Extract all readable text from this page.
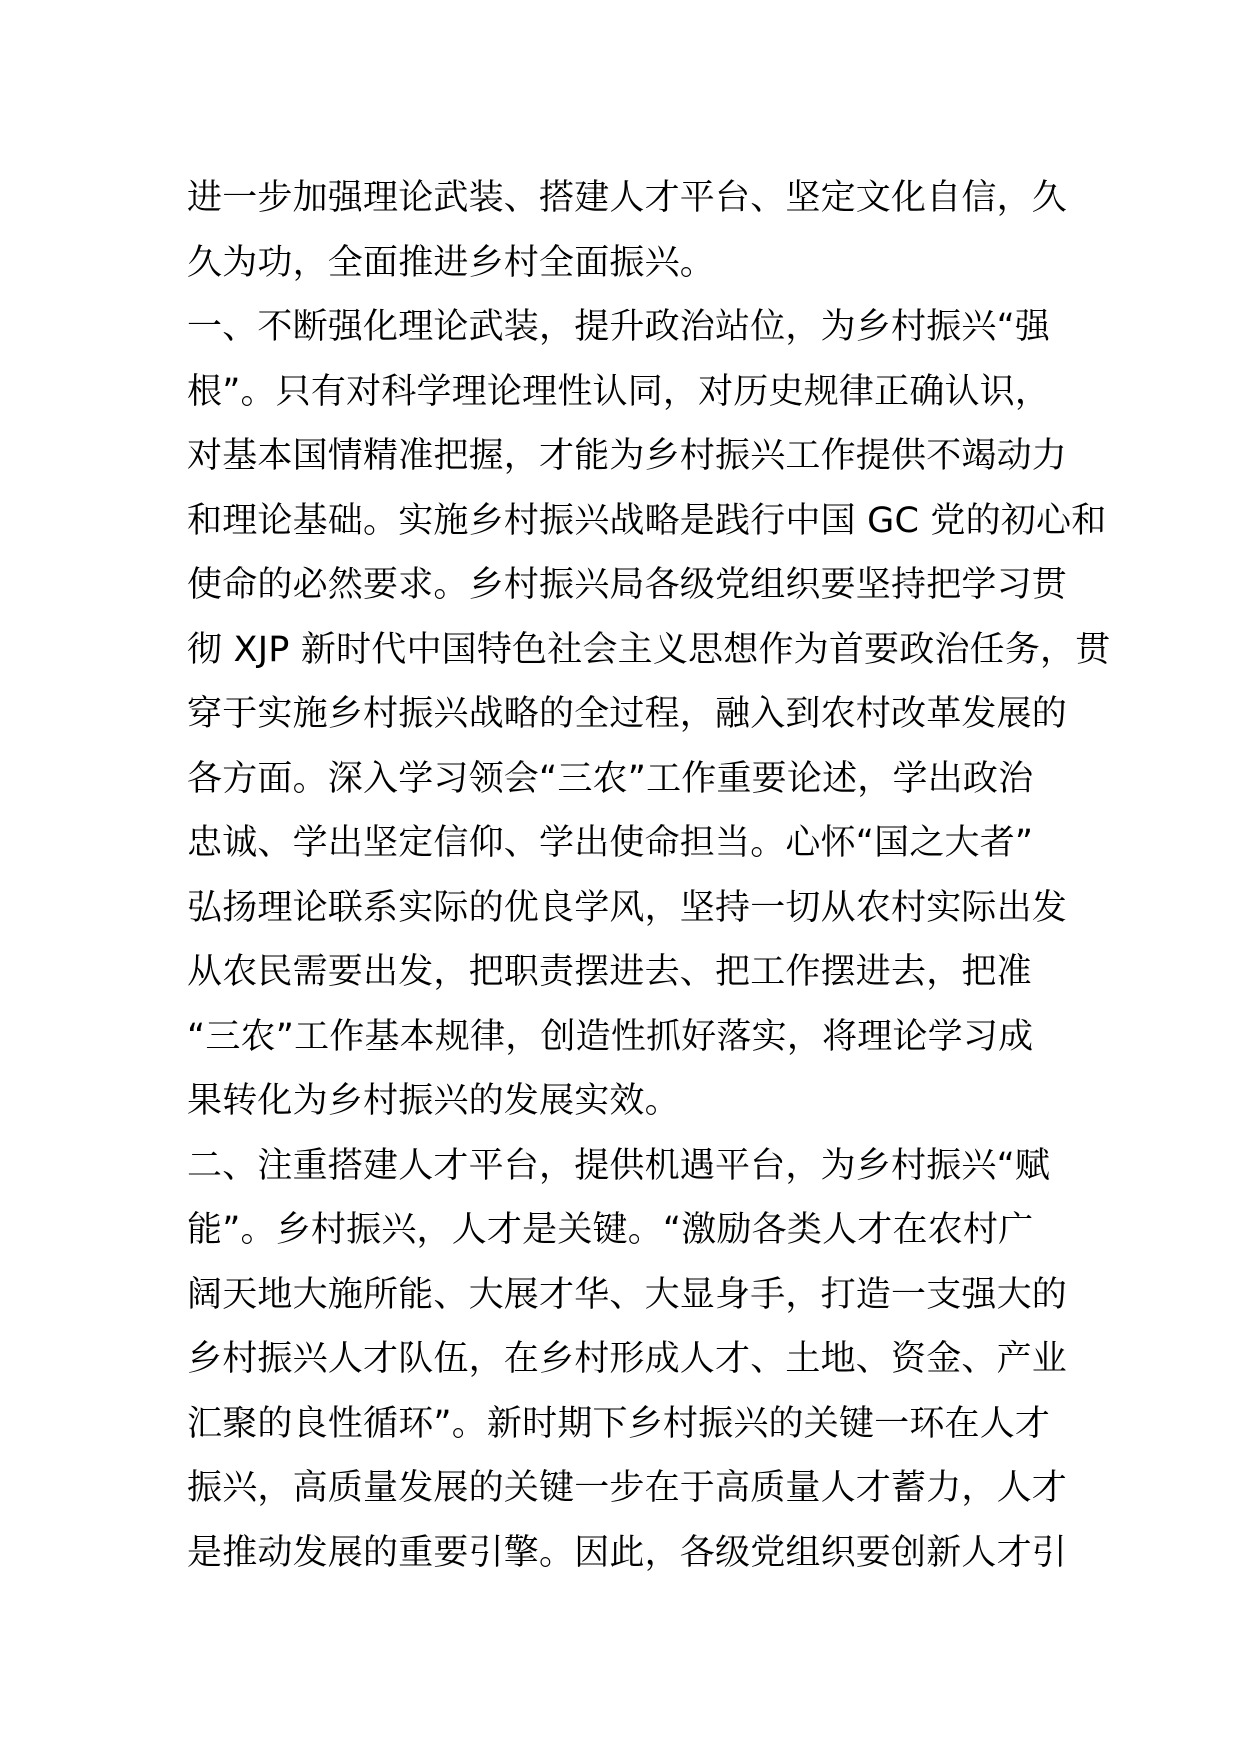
进一步加强理论武装、搭建人才平台、坚定文化自信，久
久为功，全面推进乡村全面振兴。
一、不断强化理论武装，提升政治站位，为乡村振兴“强
根”。只有对科学理论理性认同，对历史规律正确认识，
对基本国情精准把握，才能为乡村振兴工作提供不竭动力
和理论基础。实施乡村振兴战略是践行中国 GC 党的初心和
使命的必然要求。乡村振兴局各级党组织要坚持把学习贯
彻 XJP 新时代中国特色社会主义思想作为首要政治任务，贯
穿于实施乡村振兴战略的全过程，融入到农村改革发展的
各方面。深入学习领会“三农”工作重要论述，学出政治
忠诚、学出坚定信仰、学出使命担当。心怀“国之大者”
弘扬理论联系实际的优良学风，坚持一切从农村实际出发
从农民需要出发，把职责摆进去、把工作摆进去，把准
“三农”工作基本规律，创造性抓好落实，将理论学习成
果转化为乡村振兴的发展实效。
二、注重搭建人才平台，提供机遇平台，为乡村振兴“赋
能”。乡村振兴，人才是关键。“激励各类人才在农村广
阔天地大施所能、大展才华、大显身手，打造一支强大的
乡村振兴人才队伍，在乡村形成人才、土地、资金、产业
汇聚的良性循环”。新时期下乡村振兴的关键一环在人才
振兴，高质量发展的关键一步在于高质量人才蓄力，人才
是推动发展的重要引擎。因此，各级党组织要创新人才引
